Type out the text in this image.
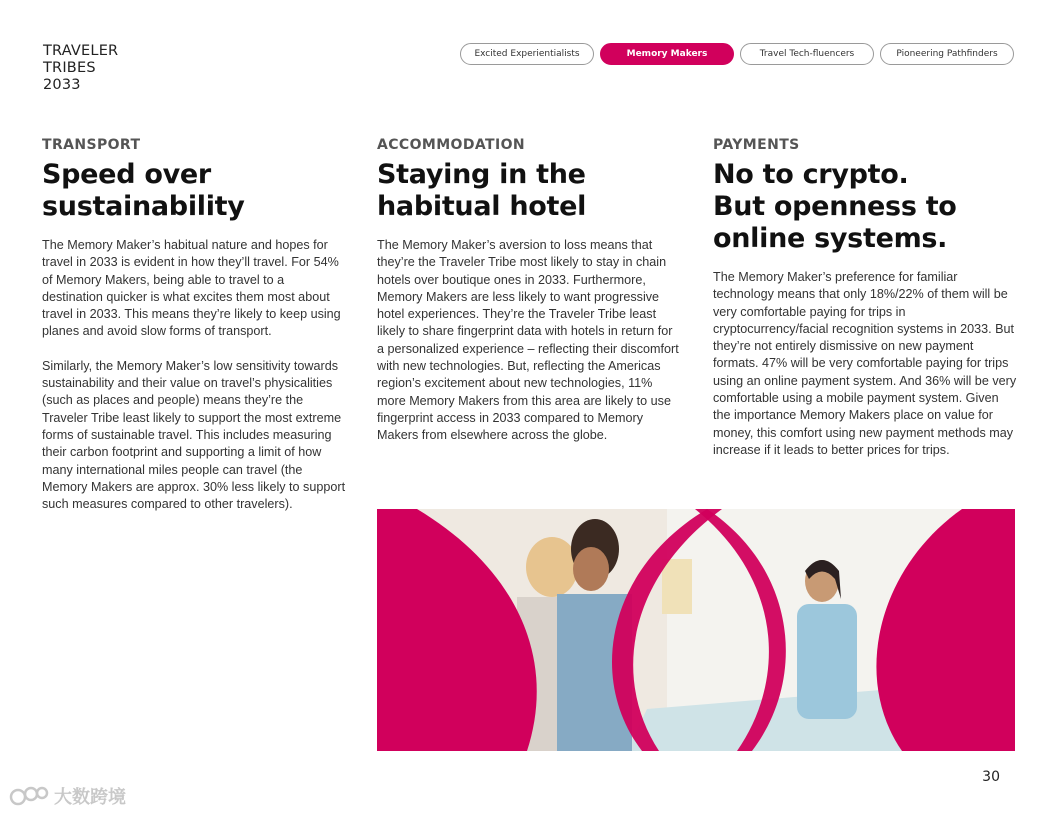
TRAVELER
TRIBES
2033
Excited Experientialists	Memory Makers	Travel Tech-fluencers	Pioneering Pathfinders
TRANSPORT
Speed over
sustainability

The Memory Maker’s habitual nature and hopes for travel in 2033 is evident in how they’ll travel. For 54% of Memory Makers, being able to travel to a destination quicker is what excites them most about travel in 2033. This means they’re likely to keep using planes and avoid slow forms of transport.

Similarly, the Memory Maker’s low sensitivity towards sustainability and their value on travel’s physicalities (such as places and people) means they’re the Traveler Tribe least likely to support the most extreme forms of sustainable travel. This includes measuring their carbon footprint and supporting a limit of how many international miles people can travel (the Memory Makers are approx. 30% less likely to support such measures compared to other travelers).

ACCOMMODATION
Staying in the
habitual hotel

The Memory Maker’s aversion to loss means that they’re the Traveler Tribe most likely to stay in chain hotels over boutique ones in 2033. Furthermore, Memory Makers are less likely to want progressive hotel experiences. They’re the Traveler Tribe least likely to share fingerprint data with hotels in return for a personalized experience – reflecting their discomfort with new technologies. But, reflecting the Americas region’s excitement about new technologies, 11% more Memory Makers from this area are likely to use fingerprint access in 2033 compared to Memory Makers from elsewhere across the globe.

PAYMENTS
No to crypto.
But openness to
online systems.

The Memory Maker’s preference for familiar technology means that only 18%/22% of them will be very comfortable paying for trips in cryptocurrency/facial recognition systems in 2033. But they’re not entirely dismissive on new payment formats. 47% will be very comfortable paying for trips using an online payment system. And 36% will be very comfortable using a mobile payment system. Given the importance Memory Makers place on value for money, this comfort using new payment methods may increase if it leads to better prices for trips.

30
大数跨境
